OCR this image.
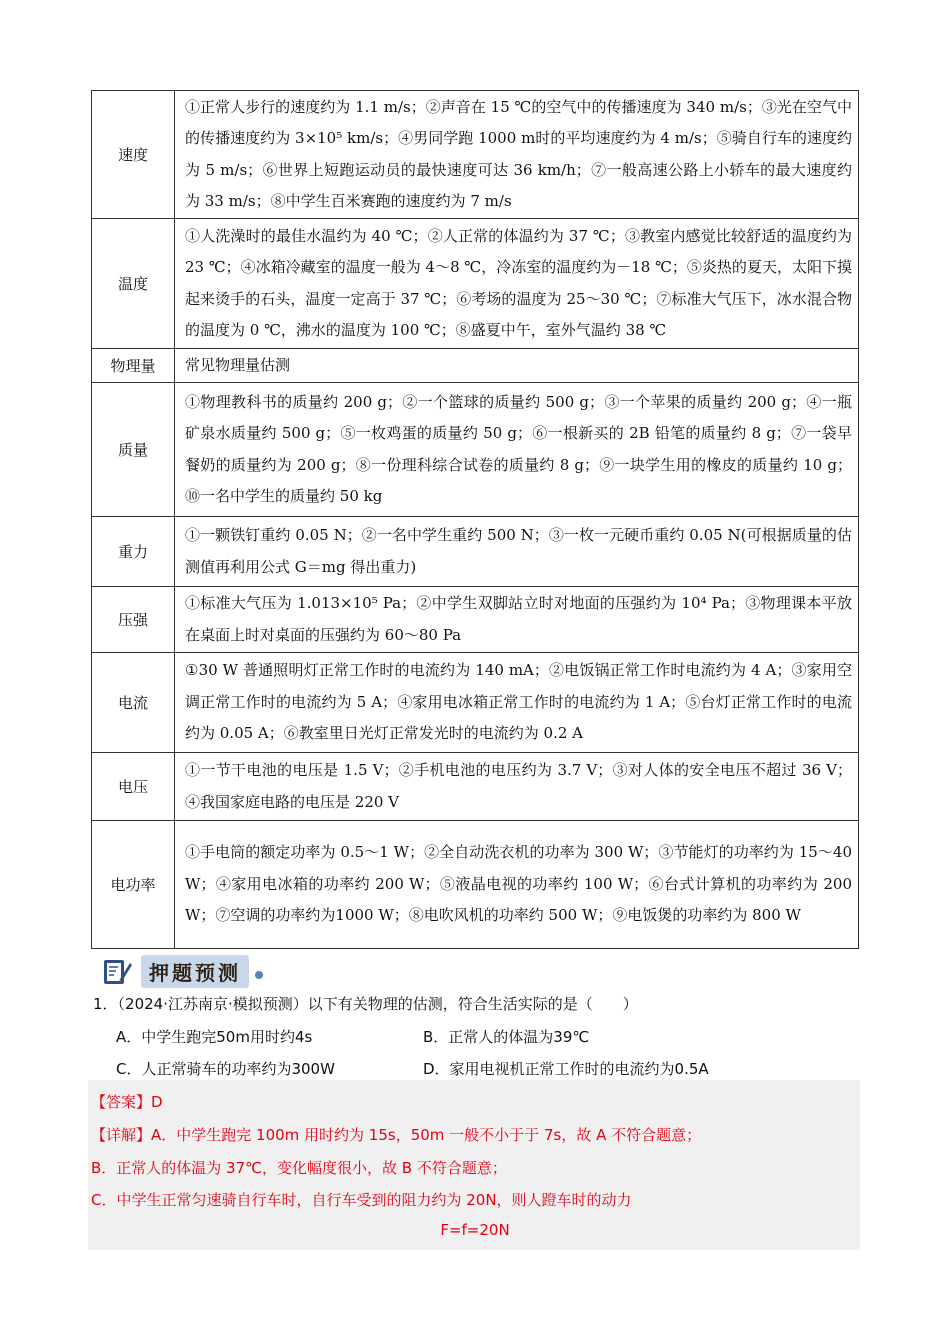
速度	①正常人步行的速度约为 1.1 m/s；②声音在 15 ℃的空气中的传播速度为 340 m/s；③光在空气中的传播速度约为 3×10⁵ km/s；④男同学跑 1000 m时的平均速度约为 4 m/s；⑤骑自行车的速度约为 5 m/s；⑥世界上短跑运动员的最快速度可达 36 km/h；⑦一般高速公路上小轿车的最大速度约为 33 m/s；⑧中学生百米赛跑的速度约为 7 m/s
温度	①人洗澡时的最佳水温约为 40 ℃；②人正常的体温约为 37 ℃；③教室内感觉比较舒适的温度约为 23 ℃；④冰箱冷藏室的温度一般为 4～8 ℃，冷冻室的温度约为－18 ℃；⑤炎热的夏天，太阳下摸起来烫手的石头，温度一定高于 37 ℃；⑥考场的温度为 25～30 ℃；⑦标准大气压下，冰水混合物的温度为 0 ℃，沸水的温度为 100 ℃；⑧盛夏中午，室外气温约 38 ℃
物理量	常见物理量估测
质量	①物理教科书的质量约 200 g；②一个篮球的质量约 500 g；③一个苹果的质量约 200 g；④一瓶矿泉水质量约 500 g；⑤一枚鸡蛋的质量约 50 g；⑥一根新买的 2B 铅笔的质量约 8 g；⑦一袋早餐奶的质量约为 200 g；⑧一份理科综合试卷的质量约 8 g；⑨一块学生用的橡皮的质量约 10 g；⑩一名中学生的质量约 50 kg
重力	①一颗铁钉重约 0.05 N；②一名中学生重约 500 N；③一枚一元硬币重约 0.05 N(可根据质量的估测值再利用公式 G＝mg 得出重力)
压强	①标准大气压为 1.013×10⁵ Pa；②中学生双脚站立时对地面的压强约为 10⁴ Pa；③物理课本平放在桌面上时对桌面的压强约为 60～80 Pa
电流	①30 W 普通照明灯正常工作时的电流约为 140 mA；②电饭锅正常工作时电流约为 4 A；③家用空调正常工作时的电流约为 5 A；④家用电冰箱正常工作时的电流约为 1 A；⑤台灯正常工作时的电流约为 0.05 A；⑥教室里日光灯正常发光时的电流约为 0.2 A
电压	①一节干电池的电压是 1.5 V；②手机电池的电压约为 3.7 V；③对人体的安全电压不超过 36 V；④我国家庭电路的电压是 220 V
电功率	①手电筒的额定功率为 0.5～1 W；②全自动洗衣机的功率为 300 W；③节能灯的功率约为 15～40 W；④家用电冰箱的功率约 200 W；⑤液晶电视的功率约 100 W；⑥台式计算机的功率约为 200 W；⑦空调的功率约为1000 W；⑧电吹风机的功率约 500 W；⑨电饭煲的功率约为 800 W
押题预测
1．（2024·江苏南京·模拟预测）以下有关物理的估测，符合生活实际的是（　　）
A．中学生跑完50m用时约4s	B．正常人的体温为39℃
C．人正常骑车的功率约为300W	D．家用电视机正常工作时的电流约为0.5A
【答案】D
【详解】A．中学生跑完 100m 用时约为 15s，50m 一般不小于于 7s，故 A 不符合题意；
B．正常人的体温为 37℃，变化幅度很小，故 B 不符合题意；
C．中学生正常匀速骑自行车时，自行车受到的阻力约为 20N，则人蹬车时的动力
F=f=20N
